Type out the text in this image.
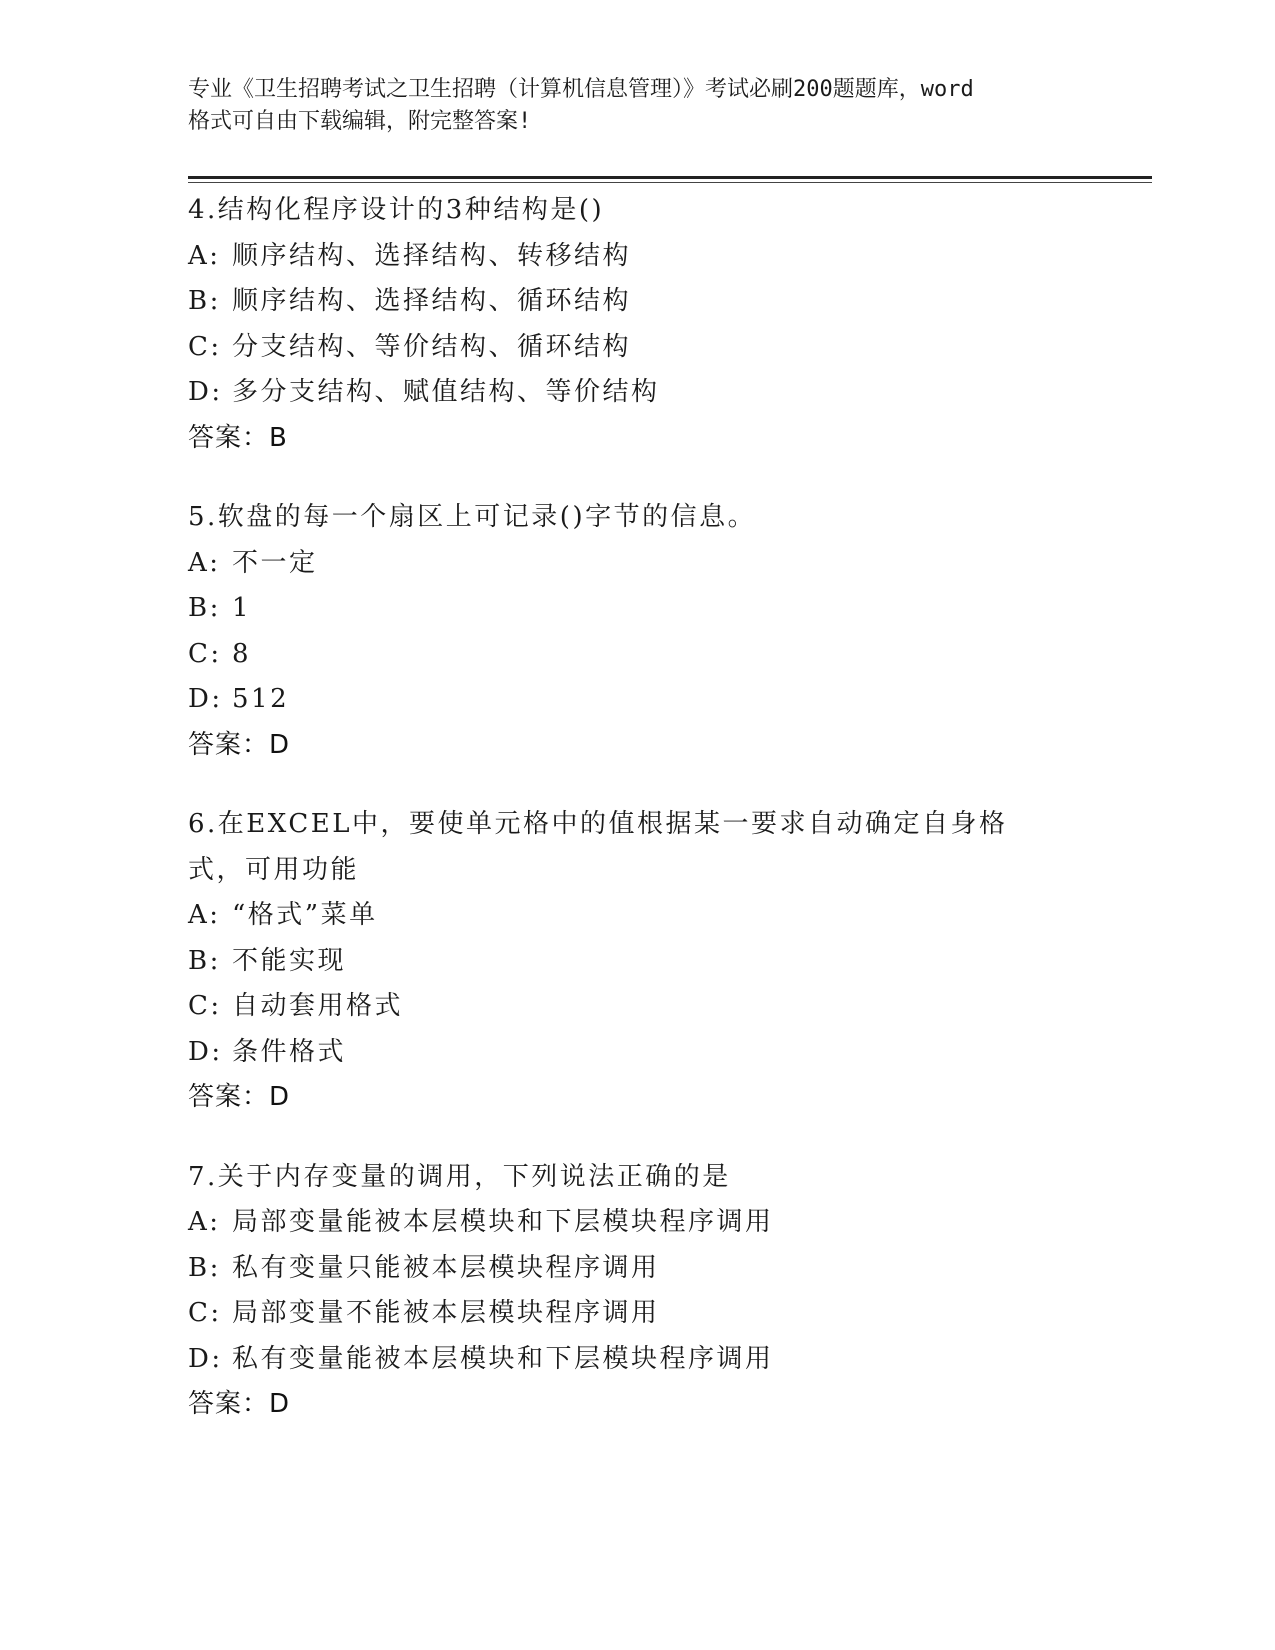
专业《卫生招聘考试之卫生招聘（计算机信息管理）》考试必刷200题题库，word
格式可自由下载编辑，附完整答案!
4.结构化程序设计的3种结构是()
A: 顺序结构、选择结构、转移结构
B: 顺序结构、选择结构、循环结构
C: 分支结构、等价结构、循环结构
D: 多分支结构、赋值结构、等价结构
答案：B
5.软盘的每一个扇区上可记录()字节的信息。
A: 不一定
B: 1
C: 8
D: 512
答案：D
6.在EXCEL中，要使单元格中的值根据某一要求自动确定自身格式，可用功能
A: “格式”菜单
B: 不能实现
C: 自动套用格式
D: 条件格式
答案：D
7.关于内存变量的调用，下列说法正确的是
A: 局部变量能被本层模块和下层模块程序调用
B: 私有变量只能被本层模块程序调用
C: 局部变量不能被本层模块程序调用
D: 私有变量能被本层模块和下层模块程序调用
答案：D
